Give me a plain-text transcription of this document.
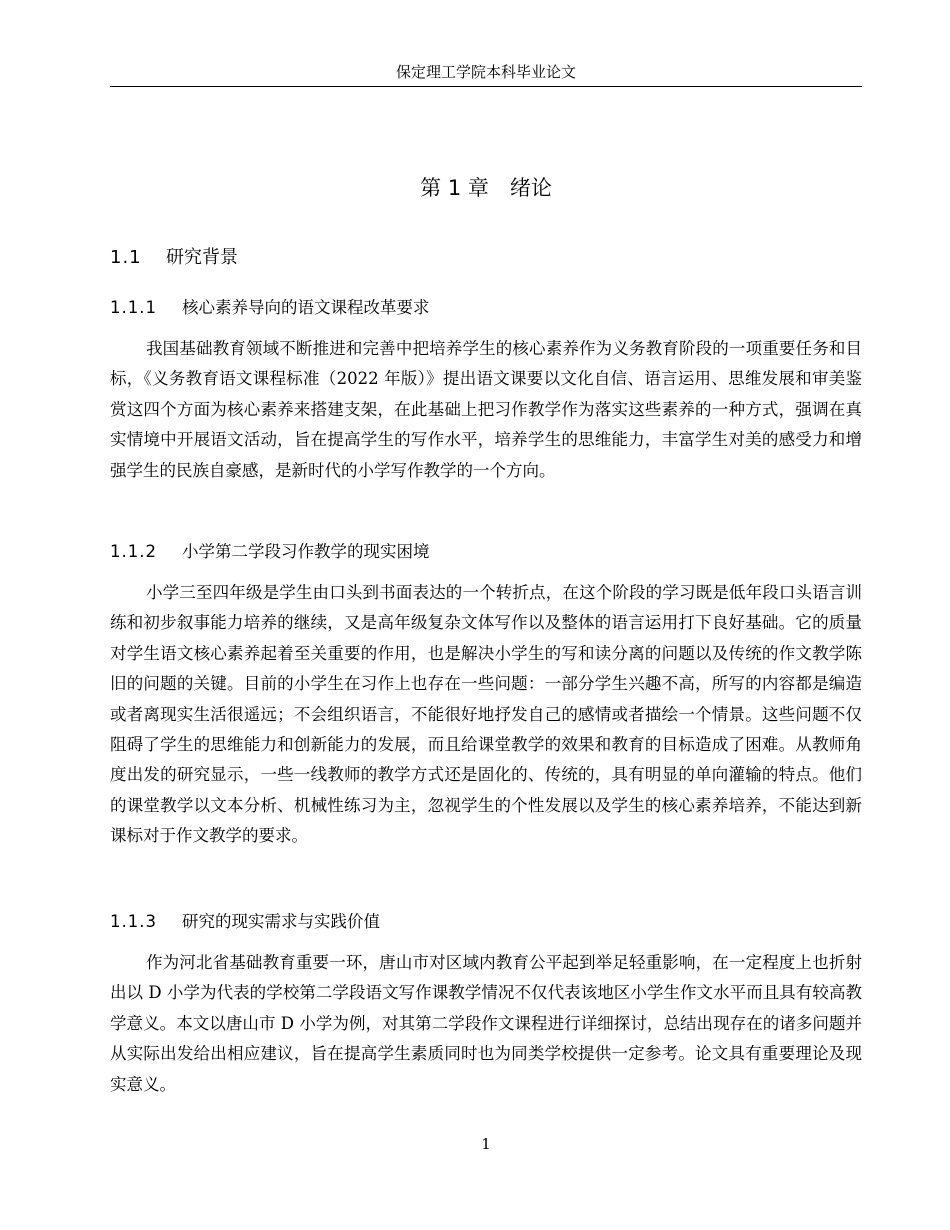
保定理工学院本科毕业论文
第 1 章　绪论
1.1 研究背景
1.1.1 核心素养导向的语文课程改革要求

我国基础教育领域不断推进和完善中把培养学生的核心素养作为义务教育阶段的一项重要任务和目标，《义务教育语文课程标准（2022 年版）》提出语文课要以文化自信、语言运用、思维发展和审美鉴赏这四个方面为核心素养来搭建支架，在此基础上把习作教学作为落实这些素养的一种方式，强调在真实情境中开展语文活动，旨在提高学生的写作水平，培养学生的思维能力，丰富学生对美的感受力和增强学生的民族自豪感，是新时代的小学写作教学的一个方向。

1.1.2 小学第二学段习作教学的现实困境

小学三至四年级是学生由口头到书面表达的一个转折点，在这个阶段的学习既是低年段口头语言训练和初步叙事能力培养的继续，又是高年级复杂文体写作以及整体的语言运用打下良好基础。它的质量对学生语文核心素养起着至关重要的作用，也是解决小学生的写和读分离的问题以及传统的作文教学陈旧的问题的关键。目前的小学生在习作上也存在一些问题：一部分学生兴趣不高，所写的内容都是编造或者离现实生活很遥远；不会组织语言，不能很好地抒发自己的感情或者描绘一个情景。这些问题不仅阻碍了学生的思维能力和创新能力的发展，而且给课堂教学的效果和教育的目标造成了困难。从教师角度出发的研究显示，一些一线教师的教学方式还是固化的、传统的，具有明显的单向灌输的特点。他们的课堂教学以文本分析、机械性练习为主，忽视学生的个性发展以及学生的核心素养培养，不能达到新课标对于作文教学的要求。

1.1.3 研究的现实需求与实践价值

作为河北省基础教育重要一环，唐山市对区域内教育公平起到举足轻重影响，在一定程度上也折射出以 D 小学为代表的学校第二学段语文写作课教学情况不仅代表该地区小学生作文水平而且具有较高教学意义。本文以唐山市 D 小学为例，对其第二学段作文课程进行详细探讨，总结出现存在的诸多问题并从实际出发给出相应建议，旨在提高学生素质同时也为同类学校提供一定参考。论文具有重要理论及现实意义。

1
